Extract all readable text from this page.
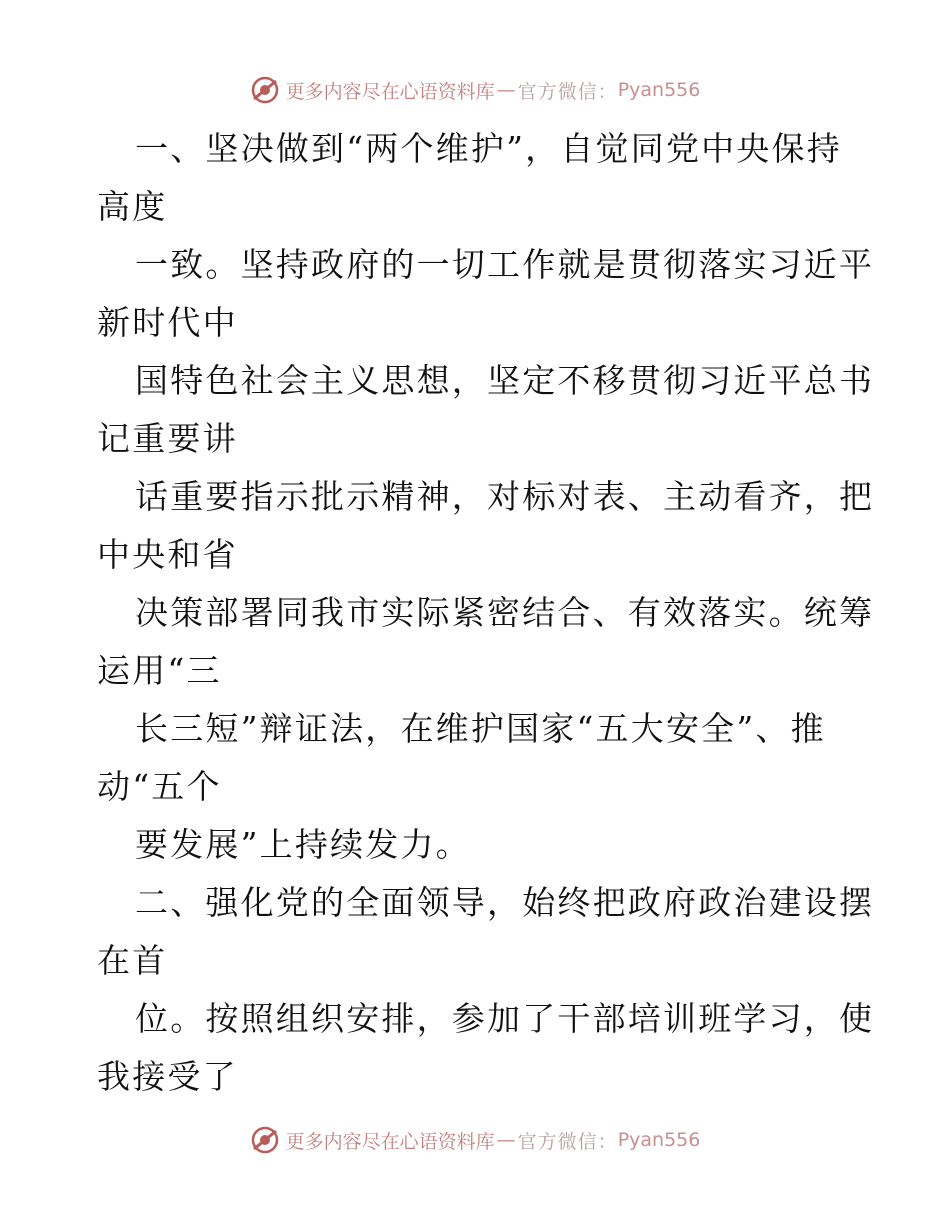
更多内容尽在心语资料库 — 官方微信： Pyan556
一、坚决做到“两个维护”，自觉同党中央保持
高度
一致。坚持政府的一切工作就是贯彻落实习近平
新时代中
国特色社会主义思想，坚定不移贯彻习近平总书
记重要讲
话重要指示批示精神，对标对表、主动看齐，把
中央和省
决策部署同我市实际紧密结合、有效落实。统筹
运用“三
长三短”辩证法，在维护国家“五大安全”、推
动“五个
要发展”上持续发力。
二、强化党的全面领导，始终把政府政治建设摆
在首
位。按照组织安排，参加了干部培训班学习，使
我接受了
更多内容尽在心语资料库 — 官方微信： Pyan556
